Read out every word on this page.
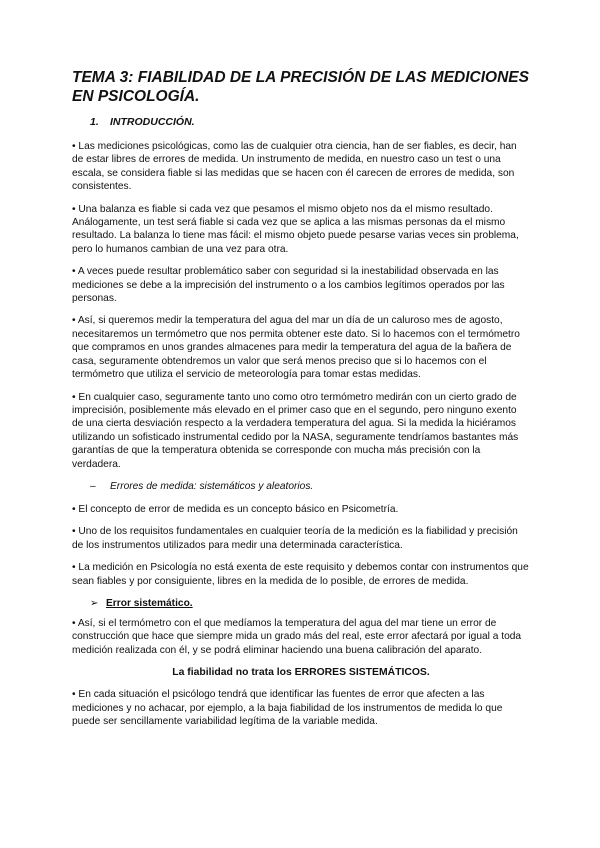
TEMA 3: FIABILIDAD DE LA PRECISIÓN DE LAS MEDICIONES EN PSICOLOGÍA.
1. INTRODUCCIÓN.

• Las mediciones psicológicas, como las de cualquier otra ciencia, han de ser fiables, es decir, han de estar libres de errores de medida. Un instrumento de medida, en nuestro caso un test o una escala, se considera fiable si las medidas que se hacen con él carecen de errores de medida, son consistentes.

• Una balanza es fiable si cada vez que pesamos el mismo objeto nos da el mismo resultado. Análogamente, un test será fiable si cada vez que se aplica a las mismas personas da el mismo resultado. La balanza lo tiene mas fácil: el mismo objeto puede pesarse varias veces sin problema, pero lo humanos cambian de una vez para otra.

• A veces puede resultar problemático saber con seguridad si la inestabilidad observada en las mediciones se debe a la imprecisión del instrumento o a los cambios legítimos operados por las personas.

• Así, si queremos medir la temperatura del agua del mar un día de un caluroso mes de agosto, necesitaremos un termómetro que nos permita obtener este dato. Si lo hacemos con el termómetro que compramos en unos grandes almacenes para medir la temperatura del agua de la bañera de casa, seguramente obtendremos un valor que será menos preciso que si lo hacemos con el termómetro que utiliza el servicio de meteorología para tomar estas medidas.

• En cualquier caso, seguramente tanto uno como otro termómetro medirán con un cierto grado de imprecisión, posiblemente más elevado en el primer caso que en el segundo, pero ninguno exento de una cierta desviación respecto a la verdadera temperatura del agua. Si la medida la hiciéramos utilizando un sofisticado instrumental cedido por la NASA, seguramente tendríamos bastantes más garantías de que la temperatura obtenida se corresponde con mucha más precisión con la verdadera.

– Errores de medida: sistemáticos y aleatorios.

• El concepto de error de medida es un concepto básico en Psicometría.

• Uno de los requisitos fundamentales en cualquier teoría de la medición es la fiabilidad y precisión de los instrumentos utilizados para medir una determinada característica.

• La medición en Psicología no está exenta de este requisito y debemos contar con instrumentos que sean fiables y por consiguiente, libres en la medida de lo posible, de errores de medida.

➢ Error sistemático.

• Así, si el termómetro con el que medíamos la temperatura del agua del mar tiene un error de construcción que hace que siempre mida un grado más del real, este error afectará por igual a toda medición realizada con él, y se podrá eliminar haciendo una buena calibración del aparato.

La fiabilidad no trata los ERRORES SISTEMÁTICOS.

• En cada situación el psicólogo tendrá que identificar las fuentes de error que afecten a las mediciones y no achacar, por ejemplo, a la baja fiabilidad de los instrumentos de medida lo que puede ser sencillamente variabilidad legítima de la variable medida.
